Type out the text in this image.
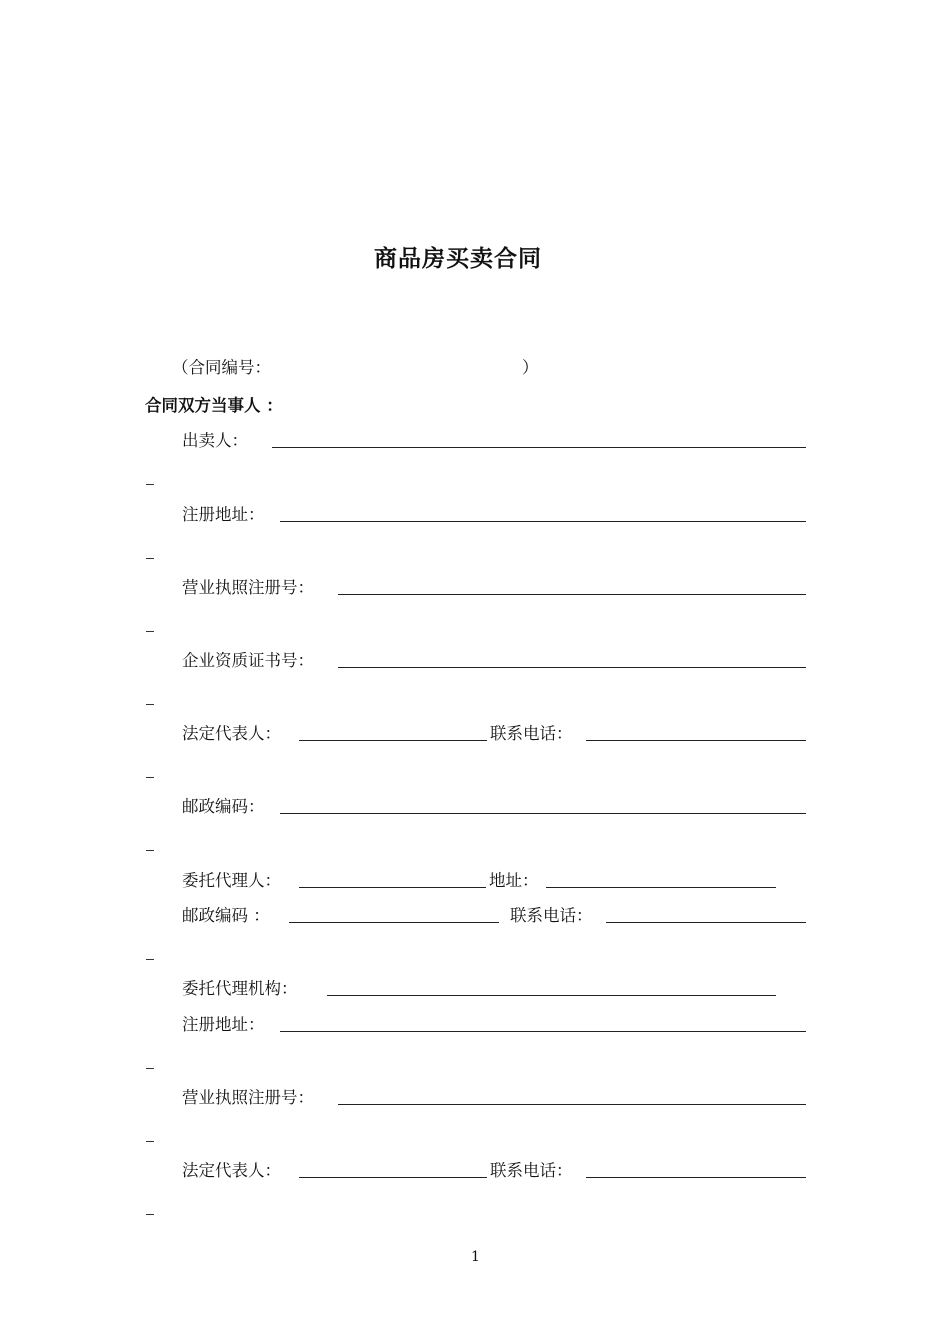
商品房买卖合同
（合同编号：	）
合同双方当事人 ：
出卖人：
注册地址：
营业执照注册号：
企业资质证书号：
法定代表人：	联系电话：
邮政编码：
委托代理人：	地址：
邮政编码 ：	联系电话：
委托代理机构：
注册地址：
营业执照注册号：
法定代表人：	联系电话：
1
